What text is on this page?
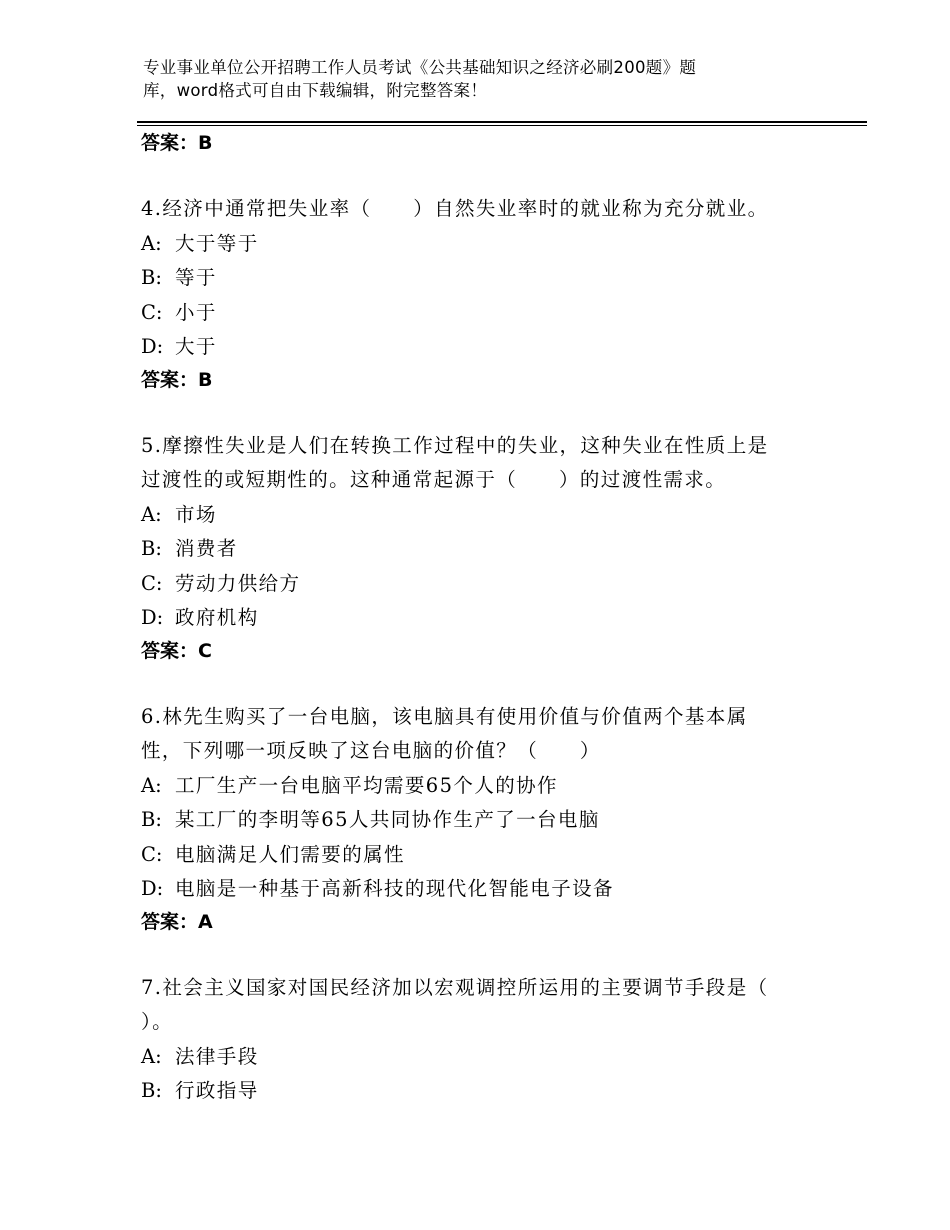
专业事业单位公开招聘工作人员考试《公共基础知识之经济必刷200题》题
库，word格式可自由下载编辑，附完整答案！
答案：B
4.经济中通常把失业率（　　）自然失业率时的就业称为充分就业。
A: 大于等于
B: 等于
C: 小于
D: 大于
答案：B
5.摩擦性失业是人们在转换工作过程中的失业，这种失业在性质上是
过渡性的或短期性的。这种通常起源于（　　）的过渡性需求。
A: 市场
B: 消费者
C: 劳动力供给方
D: 政府机构
答案：C
6.林先生购买了一台电脑，该电脑具有使用价值与价值两个基本属
性，下列哪一项反映了这台电脑的价值？（　　）
A: 工厂生产一台电脑平均需要65个人的协作
B: 某工厂的李明等65人共同协作生产了一台电脑
C: 电脑满足人们需要的属性
D: 电脑是一种基于高新科技的现代化智能电子设备
答案：A
7.社会主义国家对国民经济加以宏观调控所运用的主要调节手段是（
）。
A: 法律手段
B: 行政指导
